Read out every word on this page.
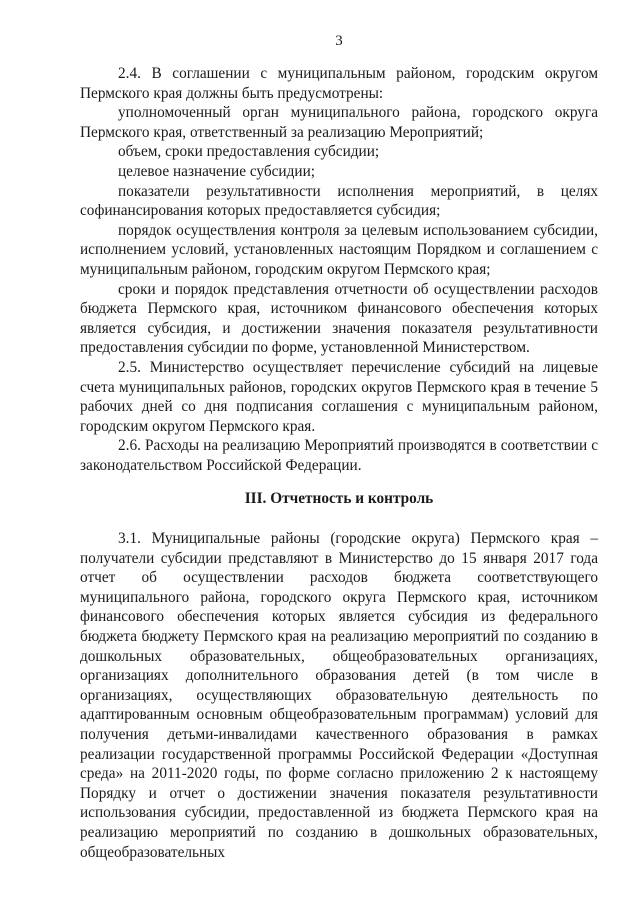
3

2.4. В соглашении с муниципальным районом, городским округом Пермского края должны быть предусмотрены:

уполномоченный орган муниципального района, городского округа Пермского края, ответственный за реализацию Мероприятий;

объем, сроки предоставления субсидии;

целевое назначение субсидии;

показатели результативности исполнения мероприятий, в целях софинансирования которых предоставляется субсидия;

порядок осуществления контроля за целевым использованием субсидии, исполнением условий, установленных настоящим Порядком и соглашением с муниципальным районом, городским округом Пермского края;

сроки и порядок представления отчетности об осуществлении расходов бюджета Пермского края, источником финансового обеспечения которых является субсидия, и достижении значения показателя результативности предоставления субсидии по форме, установленной Министерством.

2.5. Министерство осуществляет перечисление субсидий на лицевые счета муниципальных районов, городских округов Пермского края в течение 5 рабочих дней со дня подписания соглашения с муниципальным районом, городским округом Пермского края.

2.6. Расходы на реализацию Мероприятий производятся в соответствии с законодательством Российской Федерации.

III. Отчетность и контроль

3.1. Муниципальные районы (городские округа) Пермского края – получатели субсидии представляют в Министерство до 15 января 2017 года отчет об осуществлении расходов бюджета соответствующего муниципального района, городского округа Пермского края, источником финансового обеспечения которых является субсидия из федерального бюджета бюджету Пермского края на реализацию мероприятий по созданию в дошкольных образовательных, общеобразовательных организациях, организациях дополнительного образования детей (в том числе в организациях, осуществляющих образовательную деятельность по адаптированным основным общеобразовательным программам) условий для получения детьми-инвалидами качественного образования в рамках реализации государственной программы Российской Федерации «Доступная среда» на 2011-2020 годы, по форме согласно приложению 2 к настоящему Порядку и отчет о достижении значения показателя результативности использования субсидии, предоставленной из бюджета Пермского края на реализацию мероприятий по созданию в дошкольных образовательных, общеобразовательных
